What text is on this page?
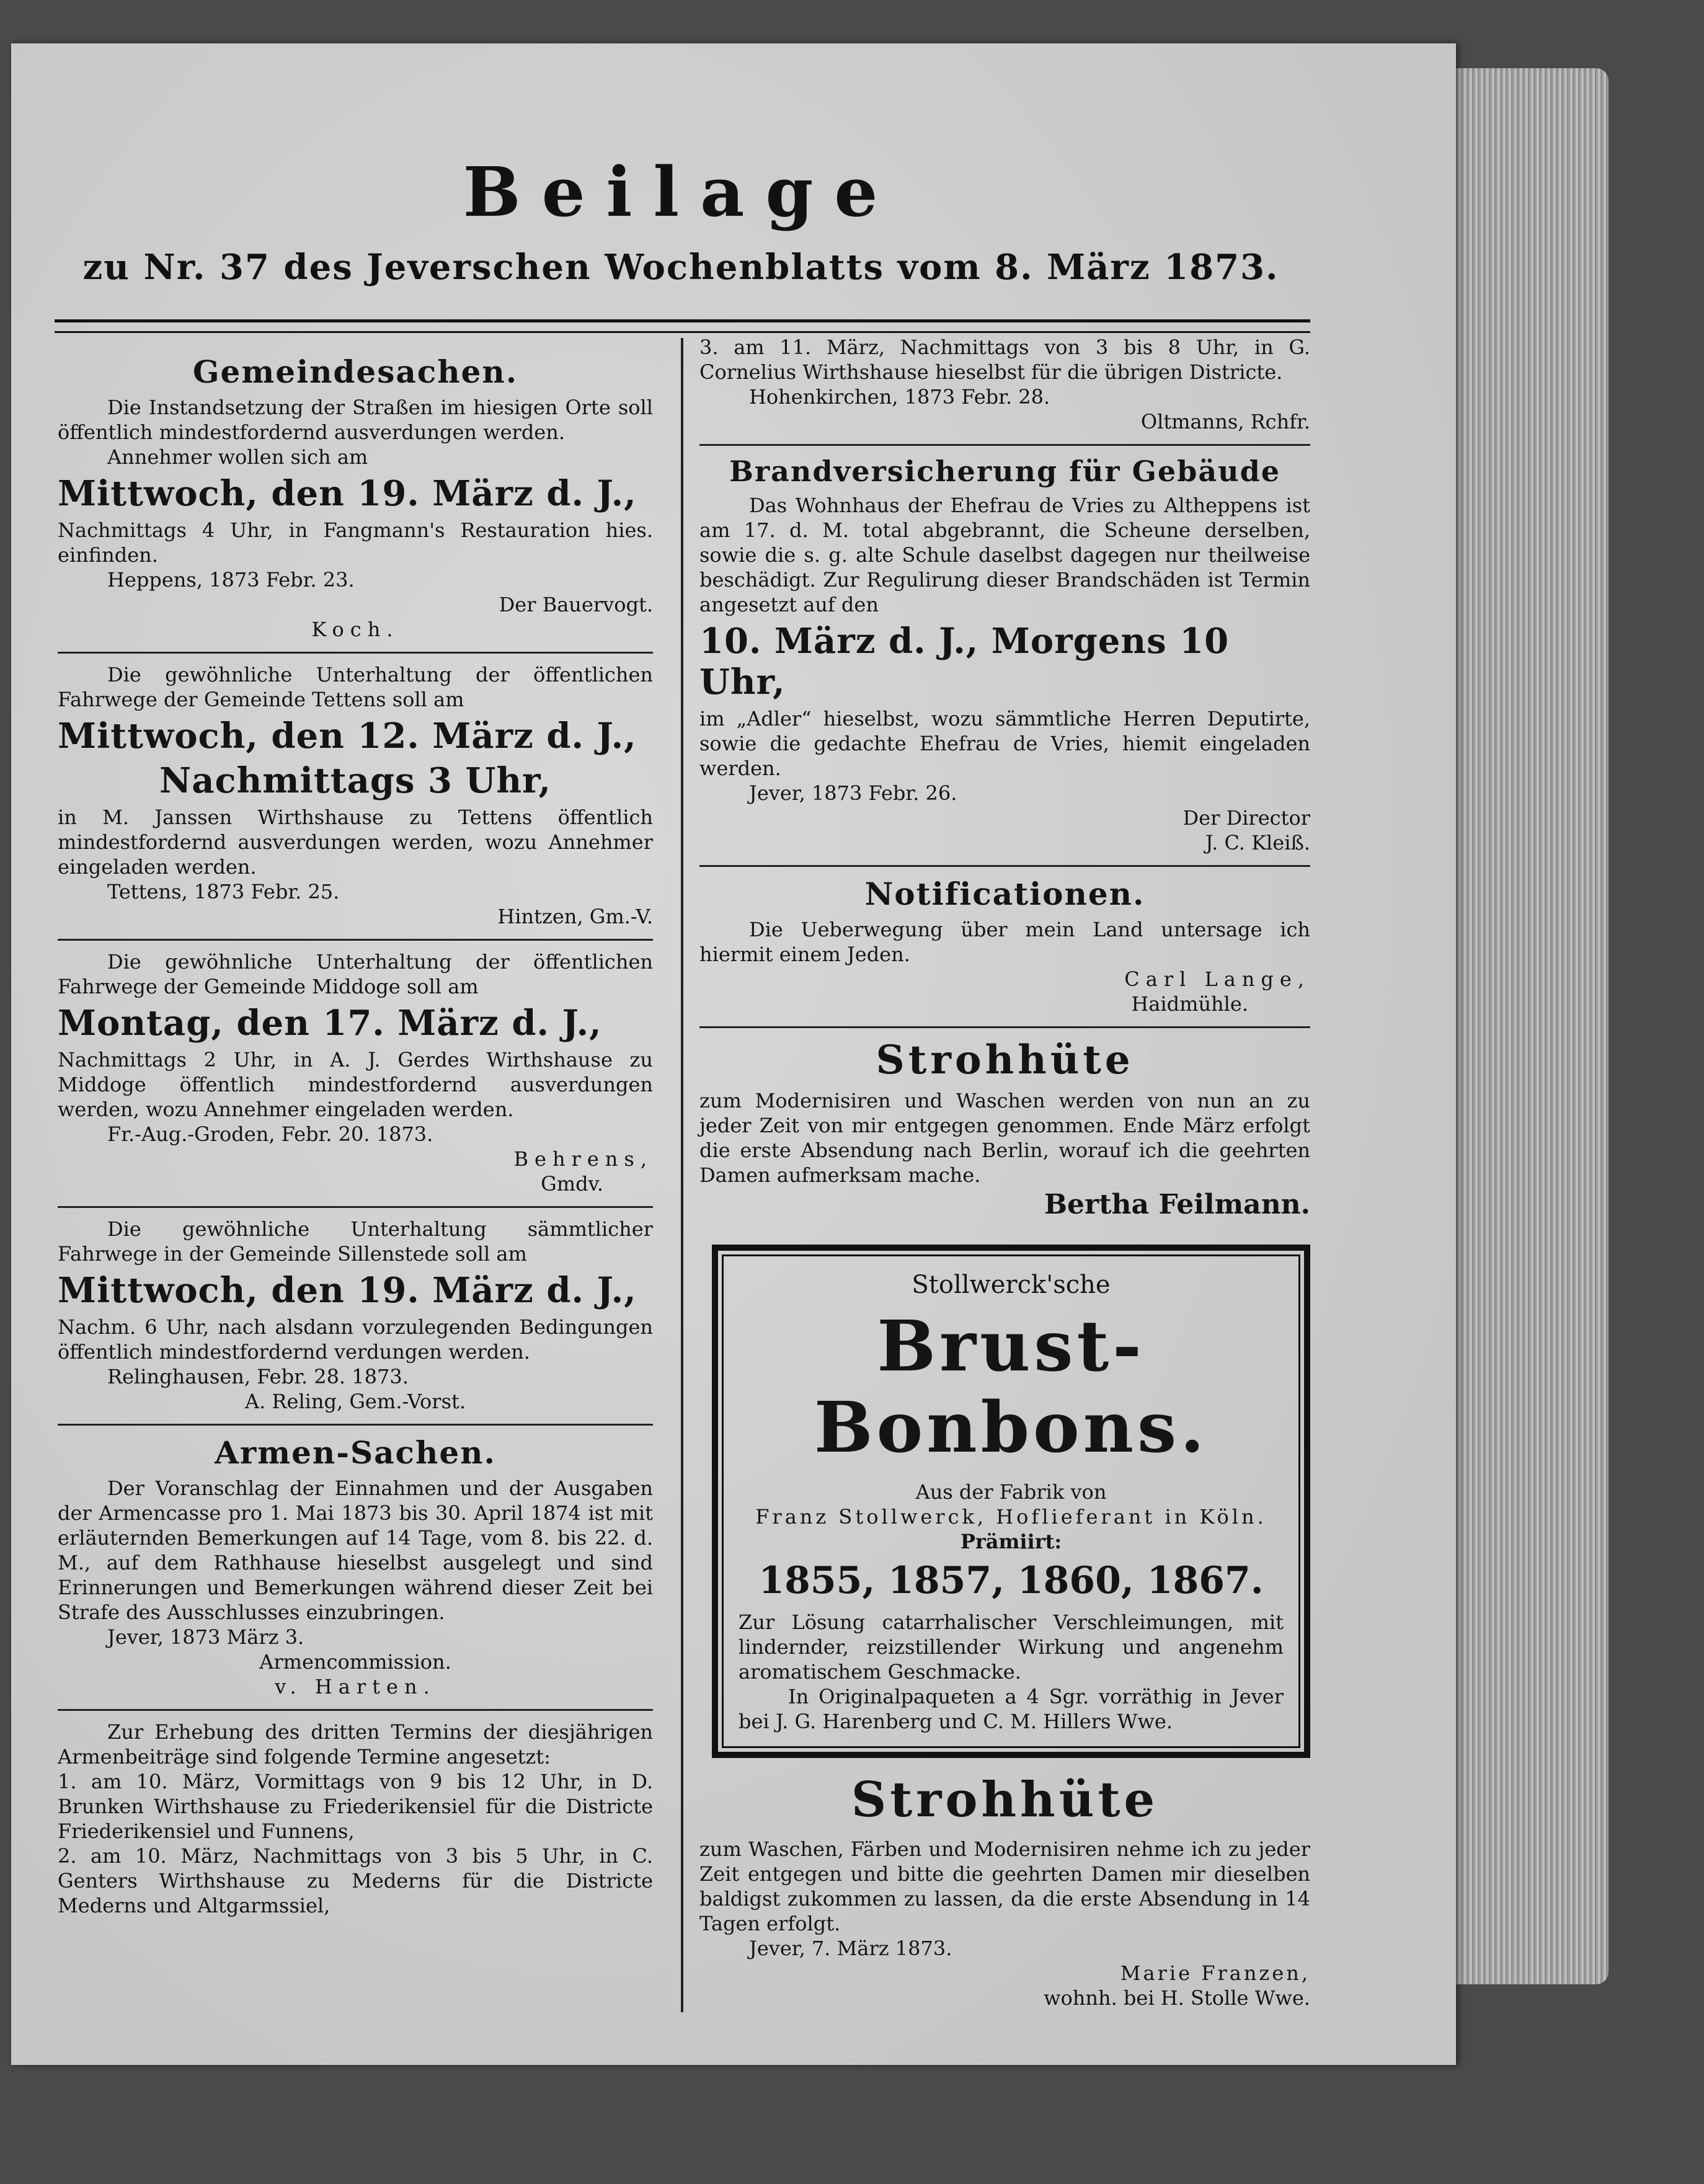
Beilage
zu Nr. 37 des Jeverschen Wochenblatts vom 8. März 1873.
Gemeindesachen.

Die Instandsetzung der Straßen im hiesigen Orte soll öffentlich mindestfordernd ausverdungen werden.

Annehmer wollen sich am

Mittwoch, den 19. März d. J.,

Nachmittags 4 Uhr, in Fangmann's Restauration hies. einfinden.

Heppens, 1873 Febr. 23.

Der Bauervogt.

Koch.

Die gewöhnliche Unterhaltung der öffentlichen Fahrwege der Gemeinde Tettens soll am

Mittwoch, den 12. März d. J.,
Nachmittags 3 Uhr,

in M. Janssen Wirthshause zu Tettens öffentlich mindestfordernd ausverdungen werden, wozu Annehmer eingeladen werden.

Tettens, 1873 Febr. 25.

Hintzen, Gm.-V.

Die gewöhnliche Unterhaltung der öffentlichen Fahrwege der Gemeinde Middoge soll am

Montag, den 17. März d. J.,

Nachmittags 2 Uhr, in A. J. Gerdes Wirthshause zu Middoge öffentlich mindestfordernd ausverdungen werden, wozu Annehmer eingeladen werden.

Fr.-Aug.-Groden, Febr. 20. 1873.

Behrens,

Gmdv.

Die gewöhnliche Unterhaltung sämmtlicher Fahrwege in der Gemeinde Sillenstede soll am

Mittwoch, den 19. März d. J.,

Nachm. 6 Uhr, nach alsdann vorzulegenden Bedingungen öffentlich mindestfordernd verdungen werden.

Relinghausen, Febr. 28. 1873.

A. Reling, Gem.-Vorst.

Armen-Sachen.

Der Voranschlag der Einnahmen und der Ausgaben der Armencasse pro 1. Mai 1873 bis 30. April 1874 ist mit erläuternden Bemerkungen auf 14 Tage, vom 8. bis 22. d. M., auf dem Rathhause hieselbst ausgelegt und sind Erinnerungen und Bemerkungen während dieser Zeit bei Strafe des Ausschlusses einzubringen.

Jever, 1873 März 3.

Armencommission.

v. Harten.

Zur Erhebung des dritten Termins der diesjährigen Armenbeiträge sind folgende Termine angesetzt:

1. am 10. März, Vormittags von 9 bis 12 Uhr, in D. Brunken Wirthshause zu Friederikensiel für die Districte Friederikensiel und Funnens,

2. am 10. März, Nachmittags von 3 bis 5 Uhr, in C. Genters Wirthshause zu Mederns für die Districte Mederns und Altgarmssiel,

3. am 11. März, Nachmittags von 3 bis 8 Uhr, in G. Cornelius Wirthshause hieselbst für die übrigen Districte.

Hohenkirchen, 1873 Febr. 28.

Oltmanns, Rchfr.

Brandversicherung für Gebäude

Das Wohnhaus der Ehefrau de Vries zu Altheppens ist am 17. d. M. total abgebrannt, die Scheune derselben, sowie die s. g. alte Schule daselbst dagegen nur theilweise beschädigt. Zur Regulirung dieser Brandschäden ist Termin angesetzt auf den

10. März d. J., Morgens 10 Uhr,

im „Adler“ hieselbst, wozu sämmtliche Herren Deputirte, sowie die gedachte Ehefrau de Vries, hiemit eingeladen werden.

Jever, 1873 Febr. 26.

Der Director

J. C. Kleiß.

Notificationen.

Die Ueberwegung über mein Land untersage ich hiermit einem Jeden.

Carl Lange,

Haidmühle.

Strohhüte

zum Modernisiren und Waschen werden von nun an zu jeder Zeit von mir entgegen genommen. Ende März erfolgt die erste Absendung nach Berlin, worauf ich die geehrten Damen aufmerksam mache.

Bertha Feilmann.

Stollwerck'sche

Brust-Bonbons.

Aus der Fabrik von

Franz Stollwerck, Hoflieferant in Köln.

Prämiirt:

1855, 1857, 1860, 1867.

Zur Lösung catarrhalischer Verschleimungen, mit lindernder, reizstillender Wirkung und angenehm aromatischem Geschmacke.

In Originalpaqueten a 4 Sgr. vorräthig in Jever bei J. G. Harenberg und C. M. Hillers Wwe.

Strohhüte

zum Waschen, Färben und Modernisiren nehme ich zu jeder Zeit entgegen und bitte die geehrten Damen mir dieselben baldigst zukommen zu lassen, da die erste Absendung in 14 Tagen erfolgt.

Jever, 7. März 1873.

Marie Franzen,

wohnh. bei H. Stolle Wwe.
